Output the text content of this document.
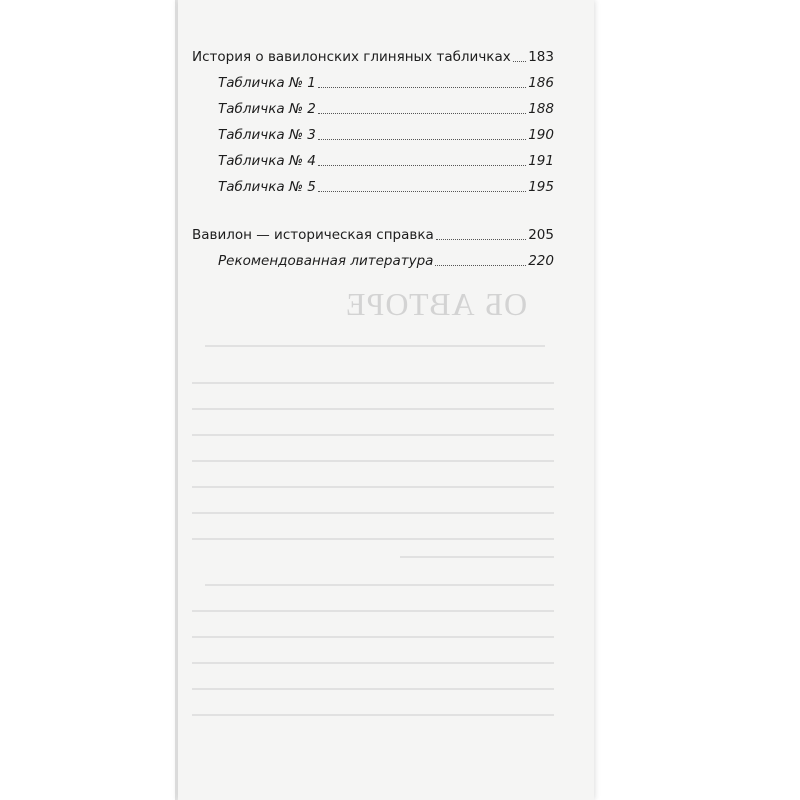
ОБ АВТОРЕ
История о вавилонских глиняных табличках 183
Табличка № 1	186
Табличка № 2	188
Табличка № 3	190
Табличка № 4	191
Табличка № 5	195
Вавилон — историческая справка	205
Рекомендованная литература	220
